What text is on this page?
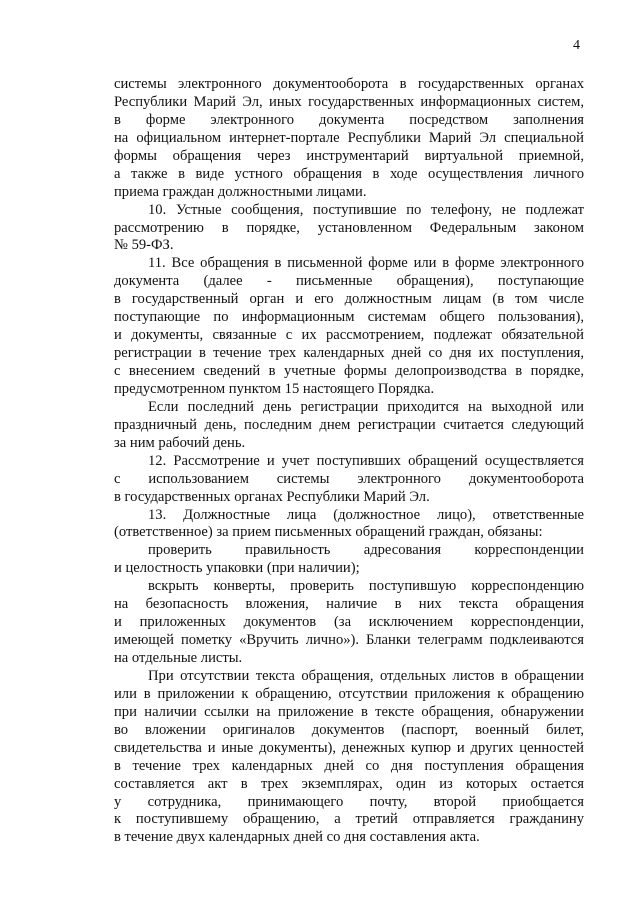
4
системы электронного документооборота в государственных органах
Республики Марий Эл, иных государственных информационных систем,
в форме электронного документа посредством заполнения
на официальном интернет-портале Республики Марий Эл специальной
формы обращения через инструментарий виртуальной приемной,
а также в виде устного обращения в ходе осуществления личного
приема граждан должностными лицами.
10. Устные сообщения, поступившие по телефону, не подлежат
рассмотрению в порядке, установленном Федеральным законом
№ 59-ФЗ.
11. Все обращения в письменной форме или в форме электронного
документа (далее - письменные обращения), поступающие
в государственный орган и его должностным лицам (в том числе
поступающие по информационным системам общего пользования),
и документы, связанные с их рассмотрением, подлежат обязательной
регистрации в течение трех календарных дней со дня их поступления,
с внесением сведений в учетные формы делопроизводства в порядке,
предусмотренном пунктом 15 настоящего Порядка.
Если последний день регистрации приходится на выходной или
праздничный день, последним днем регистрации считается следующий
за ним рабочий день.
12. Рассмотрение и учет поступивших обращений осуществляется
с использованием системы электронного документооборота
в государственных органах Республики Марий Эл.
13. Должностные лица (должностное лицо), ответственные
(ответственное) за прием письменных обращений граждан, обязаны:
проверить правильность адресования корреспонденции
и целостность упаковки (при наличии);
вскрыть конверты, проверить поступившую корреспонденцию
на безопасность вложения, наличие в них текста обращения
и приложенных документов (за исключением корреспонденции,
имеющей пометку «Вручить лично»). Бланки телеграмм подклеиваются
на отдельные листы.
При отсутствии текста обращения, отдельных листов в обращении
или в приложении к обращению, отсутствии приложения к обращению
при наличии ссылки на приложение в тексте обращения, обнаружении
во вложении оригиналов документов (паспорт, военный билет,
свидетельства и иные документы), денежных купюр и других ценностей
в течение трех календарных дней со дня поступления обращения
составляется акт в трех экземплярах, один из которых остается
у сотрудника, принимающего почту, второй приобщается
к поступившему обращению, а третий отправляется гражданину
в течение двух календарных дней со дня составления акта.
